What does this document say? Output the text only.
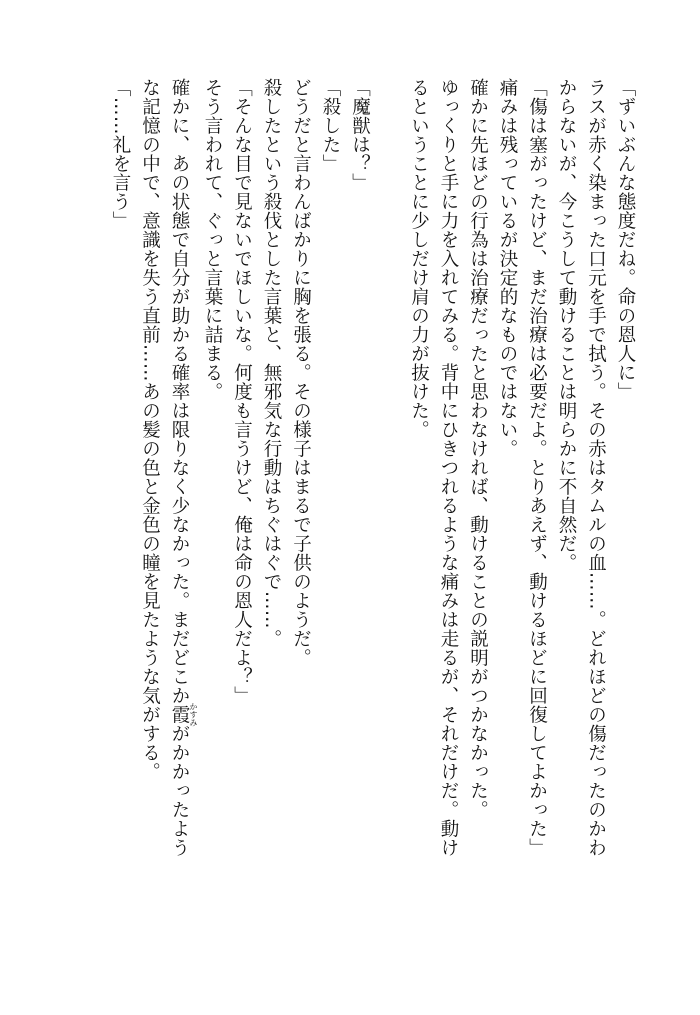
「ずいぶんな態度だね。命の恩人に」
ラスが赤く染まった口元を手で拭う。その赤はタムルの血……。どれほどの傷だったのかわ
からないが、今こうして動けることは明らかに不自然だ。
「傷は塞がったけど、まだ治療は必要だよ。とりあえず、動けるほどに回復してよかった」
痛みは残っているが決定的なものではない。
確かに先ほどの行為は治療だったと思わなければ、動けることの説明がつかなかった。
ゆっくりと手に力を入れてみる。背中にひきつれるような痛みは走るが、それだけだ。動け
るということに少しだけ肩の力が抜けた。
「魔獣は？」
「殺した」
どうだと言わんばかりに胸を張る。その様子はまるで子供のようだ。
殺したという殺伐とした言葉と、無邪気な行動はちぐはぐで……。
「そんな目で見ないでほしいな。何度も言うけど、俺は命の恩人だよ？」
そう言われて、ぐっと言葉に詰まる。
確かに、あの状態で自分が助かる確率は限りなく少なかった。まだどこか霞 かすみがかかったよう
な記憶の中で、意識を失う直前……あの髪の色と金色の瞳を見たような気がする。
「……礼を言う」
